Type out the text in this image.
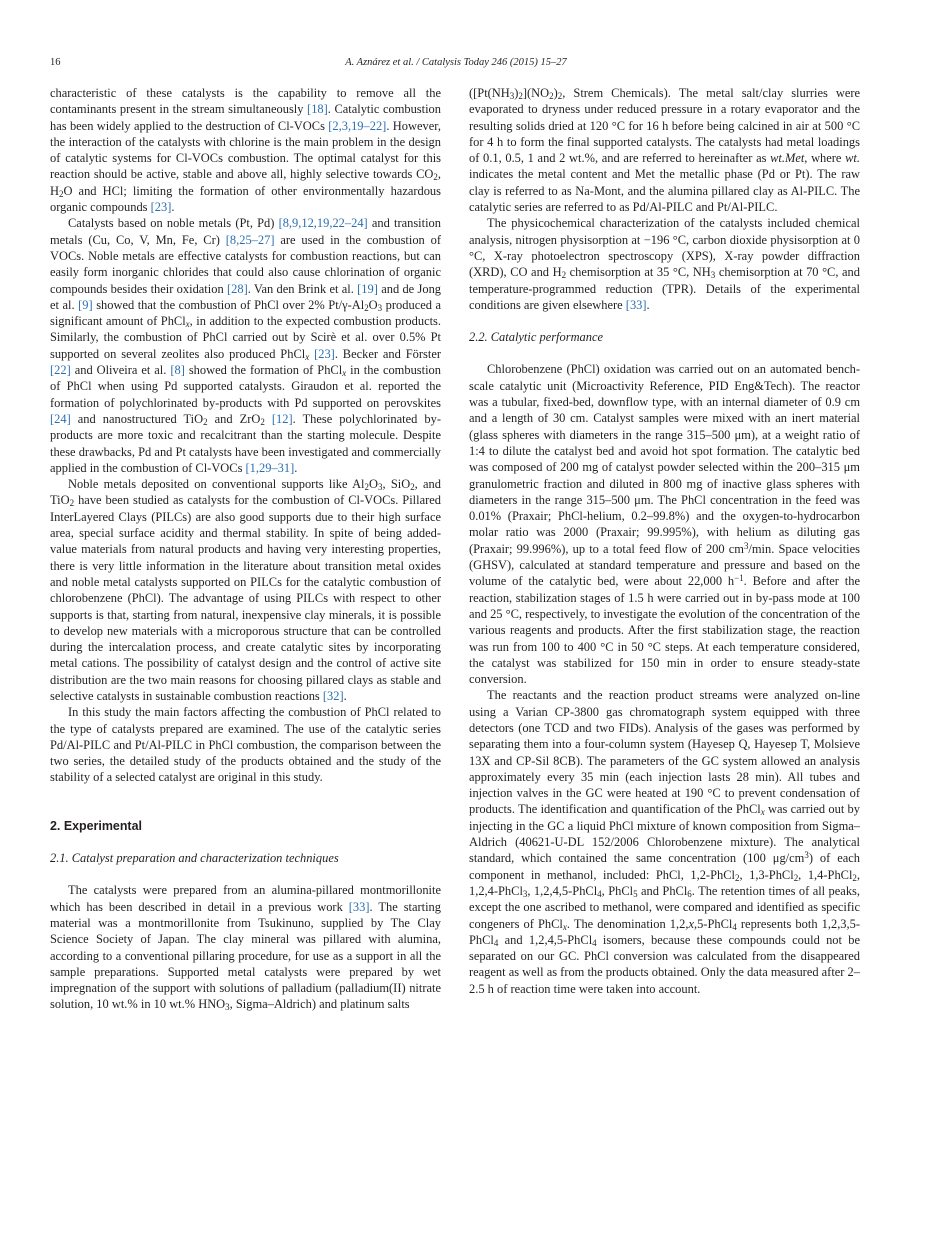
16	A. Aznárez et al. / Catalysis Today 246 (2015) 15–27

characteristic of these catalysts is the capability to remove all the contaminants present in the stream simultaneously [18]. Catalytic combustion has been widely applied to the destruction of Cl-VOCs [2,3,19–22]. However, the interaction of the catalysts with chlorine is the main problem in the design of catalytic systems for Cl-VOCs combustion. The optimal catalyst for this reaction should be active, stable and above all, highly selective towards $CO_2$, $H_2O$ and HCl; limiting the formation of other environmentally hazardous organic compounds [23].

Catalysts based on noble metals (Pt, Pd) [8,9,12,19,22–24] and transition metals (Cu, Co, V, Mn, Fe, Cr) [8,25–27] are used in the combustion of VOCs. Noble metals are effective catalysts for combustion reactions, but can easily form inorganic chlorides that could also cause chlorination of organic compounds besides their oxidation [28]. Van den Brink et al. [19] and de Jong et al. [9] showed that the combustion of PhCl over 2% $Pt/\gamma-Al_2O_3$ produced a significant amount of PhCl$_x$, in addition to the expected combustion products. Similarly, the combustion of PhCl carried out by Scirè et al. over 0.5% Pt supported on several zeolites also produced PhCl$_x$ [23]. Becker and Förster [22] and Oliveira et al. [8] showed the formation of PhCl$_x$ in the combustion of PhCl when using Pd supported catalysts. Giraudon et al. reported the formation of polychlorinated by-products with Pd supported on perovskites [24] and nanostructured TiO$_2$ and ZrO$_2$ [12]. These polychlorinated by-products are more toxic and recalcitrant than the starting molecule. Despite these drawbacks, Pd and Pt catalysts have been investigated and commercially applied in the combustion of Cl-VOCs [1,29–31].

Noble metals deposited on conventional supports like $Al_2O_3$, SiO$_2$, and TiO$_2$ have been studied as catalysts for the combustion of Cl-VOCs. Pillared InterLayered Clays (PILCs) are also good supports due to their high surface area, special surface acidity and thermal stability. In spite of being added-value materials from natural products and having very interesting properties, there is very little information in the literature about transition metal oxides and noble metal catalysts supported on PILCs for the catalytic combustion of chlorobenzene (PhCl). The advantage of using PILCs with respect to other supports is that, starting from natural, inexpensive clay minerals, it is possible to develop new materials with a microporous structure that can be controlled during the intercalation process, and create catalytic sites by incorporating metal cations. The possibility of catalyst design and the control of active site distribution are the two main reasons for choosing pillared clays as stable and selective catalysts in sustainable combustion reactions [32].

In this study the main factors affecting the combustion of PhCl related to the type of catalysts prepared are examined. The use of the catalytic series Pd/Al-PILC and Pt/Al-PILC in PhCl combustion, the comparison between the two series, the detailed study of the products obtained and the study of the stability of a selected catalyst are original in this study.

2. Experimental

2.1. Catalyst preparation and characterization techniques

The catalysts were prepared from an alumina-pillared montmorillonite which has been described in detail in a previous work [33]. The starting material was a montmorillonite from Tsukinuno, supplied by The Clay Science Society of Japan. The clay mineral was pillared with alumina, according to a conventional pillaring procedure, for use as a support in all the sample preparations. Supported metal catalysts were prepared by wet impregnation of the support with solutions of palladium (palladium(II) nitrate solution, 10 wt.% in 10 wt.% $HNO_3$, Sigma–Aldrich) and platinum salts

($[Pt(NH_3)_2](NO_2)_2$, Strem Chemicals). The metal salt/clay slurries were evaporated to dryness under reduced pressure in a rotary evaporator and the resulting solids dried at 120 °C for 16 h before being calcined in air at 500 °C for 4 h to form the final supported catalysts. The catalysts had metal loadings of 0.1, 0.5, 1 and 2 wt.%, and are referred to hereinafter as wt.Met, where wt. indicates the metal content and Met the metallic phase (Pd or Pt). The raw clay is referred to as Na-Mont, and the alumina pillared clay as Al-PILC. The catalytic series are referred to as Pd/Al-PILC and Pt/Al-PILC.

The physicochemical characterization of the catalysts included chemical analysis, nitrogen physisorption at −196 °C, carbon dioxide physisorption at 0 °C, X-ray photoelectron spectroscopy (XPS), X-ray powder diffraction (XRD), CO and $H_2$ chemisorption at 35 °C, $NH_3$ chemisorption at 70 °C, and temperature-programmed reduction (TPR). Details of the experimental conditions are given elsewhere [33].

2.2. Catalytic performance

Chlorobenzene (PhCl) oxidation was carried out on an automated bench-scale catalytic unit (Microactivity Reference, PID Eng&Tech). The reactor was a tubular, fixed-bed, downflow type, with an internal diameter of 0.9 cm and a length of 30 cm. Catalyst samples were mixed with an inert material (glass spheres with diameters in the range 315–500 μm), at a weight ratio of 1:4 to dilute the catalyst bed and avoid hot spot formation. The catalytic bed was composed of 200 mg of catalyst powder selected within the 200–315 μm granulometric fraction and diluted in 800 mg of inactive glass spheres with diameters in the range 315–500 μm. The PhCl concentration in the feed was 0.01% (Praxair; PhCl-helium, 0.2–99.8%) and the oxygen-to-hydrocarbon molar ratio was 2000 (Praxair; 99.995%), with helium as diluting gas (Praxair; 99.996%), up to a total feed flow of 200 $cm^3/\min$. Space velocities (GHSV), calculated at standard temperature and pressure and based on the volume of the catalytic bed, were about 22,000 $h^{-1}$. Before and after the reaction, stabilization stages of 1.5 h were carried out in by-pass mode at 100 and 25 °C, respectively, to investigate the evolution of the concentration of the various reagents and products. After the first stabilization stage, the reaction was run from 100 to 400 °C in 50 °C steps. At each temperature considered, the catalyst was stabilized for 150 min in order to ensure steady-state conversion.

The reactants and the reaction product streams were analyzed on-line using a Varian CP-3800 gas chromatograph system equipped with three detectors (one TCD and two FIDs). Analysis of the gases was performed by separating them into a four-column system (Hayesep Q, Hayesep T, Molsieve 13X and CP-Sil 8CB). The parameters of the GC system allowed an analysis approximately every 35 min (each injection lasts 28 min). All tubes and injection valves in the GC were heated at 190 °C to prevent condensation of products. The identification and quantification of the PhCl$_x$ was carried out by injecting in the GC a liquid PhCl mixture of known composition from Sigma–Aldrich (40621-U-DL 152/2006 Chlorobenzene mixture). The analytical standard, which contained the same concentration (100 $\mu g/cm^3$) of each component in methanol, included: PhCl, 1,2-PhCl$_2$, 1,3-PhCl$_2$, 1,4-PhCl$_2$, 1,2,4-PhCl$_3$, 1,2,4,5-PhCl$_4$, PhCl$_5$ and PhCl$_6$. The retention times of all peaks, except the one ascribed to methanol, were compared and identified as specific congeners of PhCl$_x$. The denomination 1,2,x,5-PhCl$_4$ represents both 1,2,3,5-PhCl$_4$ and 1,2,4,5-PhCl$_4$ isomers, because these compounds could not be separated on our GC. PhCl conversion was calculated from the disappeared reagent as well as from the products obtained. Only the data measured after 2–2.5 h of reaction time were taken into account.
